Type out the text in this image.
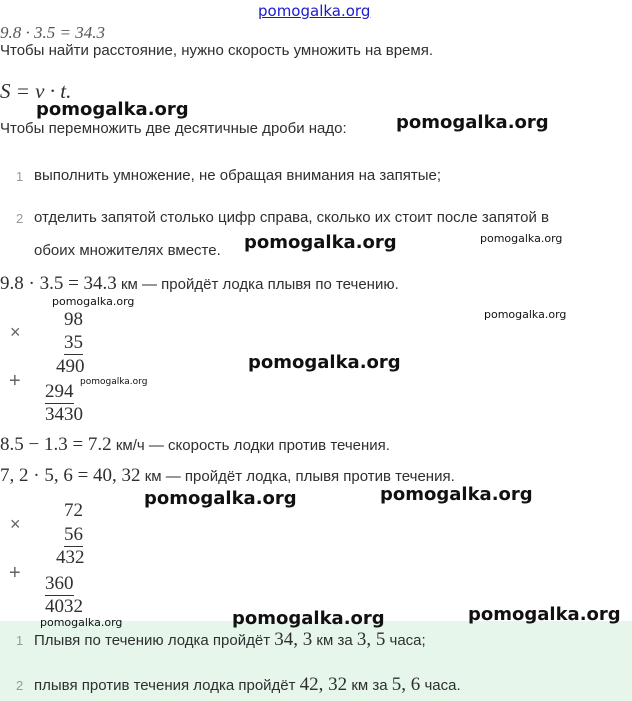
pomogalka.org
9.8 · 3.5 = 34.3
Чтобы найти расстояние, нужно скорость умножить на время.
S = v · t.
Чтобы перемножить две десятичные дроби надо:
1 выполнить умножение, не обращая внимания на запятые;
2 отделить запятой столько цифр справа, сколько их стоит после запятой в
обоих множителях вместе.
9.8 · 3.5 = 34.3 км — пройдёт лодка плывя по течению.
×
98
35
490
+ 294
3430
8.5 − 1.3 = 7.2 км/ч — скорость лодки против течения.
7, 2 · 5, 6 = 40, 32 км — пройдёт лодка, плывя против течения.
×
72
56
432
+ 360
4032
1 Плывя по течению лодка пройдёт 34, 3 км за 3, 5 часа;
2 плывя против течения лодка пройдёт 42, 32 км за 5, 6 часа.
pomogalka.org
pomogalka.org
pomogalka.org	pomogalka.org
pomogalka.org
pomogalka.org
pomogalka.org
pomogalka.org
pomogalka.org	pomogalka.org
pomogalka.org	pomogalka.org	pomogalka.org
